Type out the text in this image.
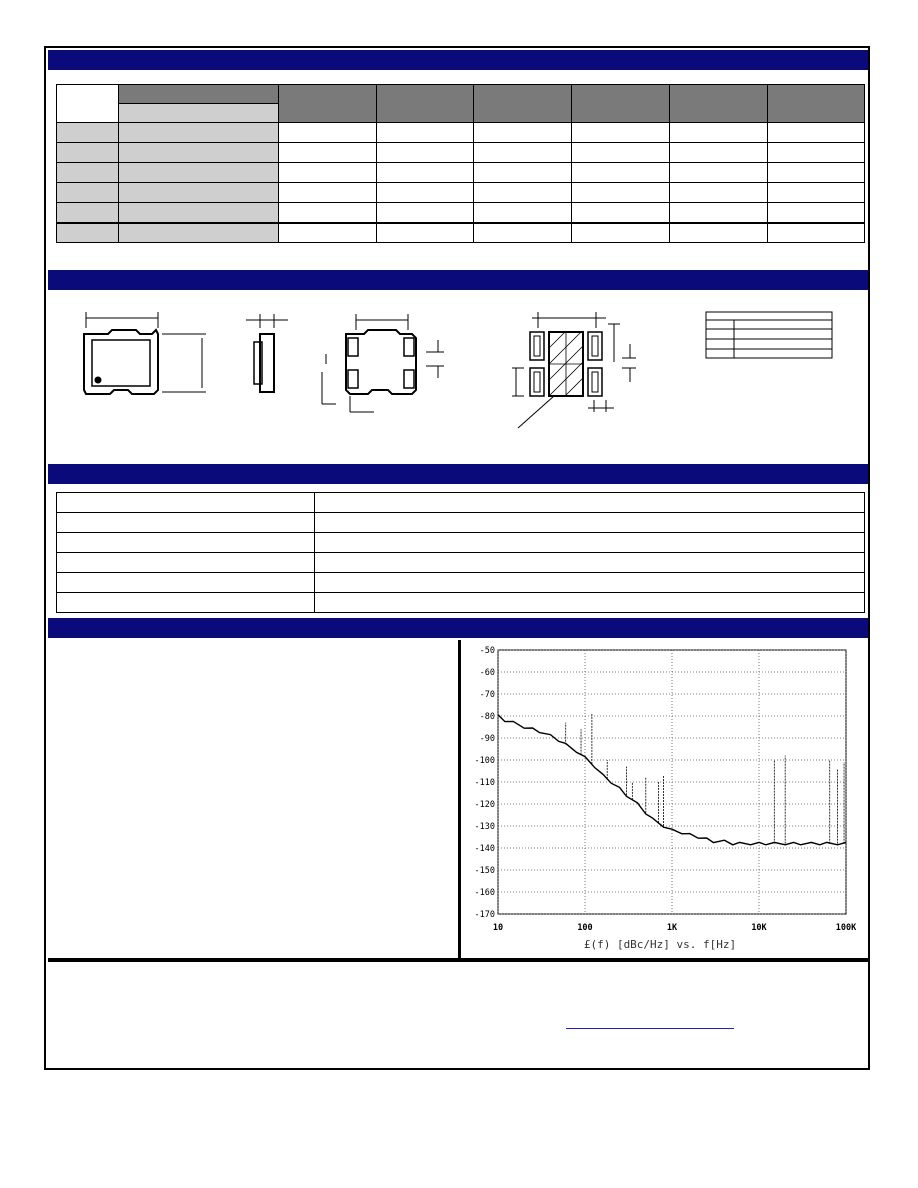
-50
-60
-70
-80
-90
-100
-110
-120
-130
-140
-150
-160
-170
10	100	1K	10K	100K
£(f) [dBc/Hz] vs. f[Hz]
